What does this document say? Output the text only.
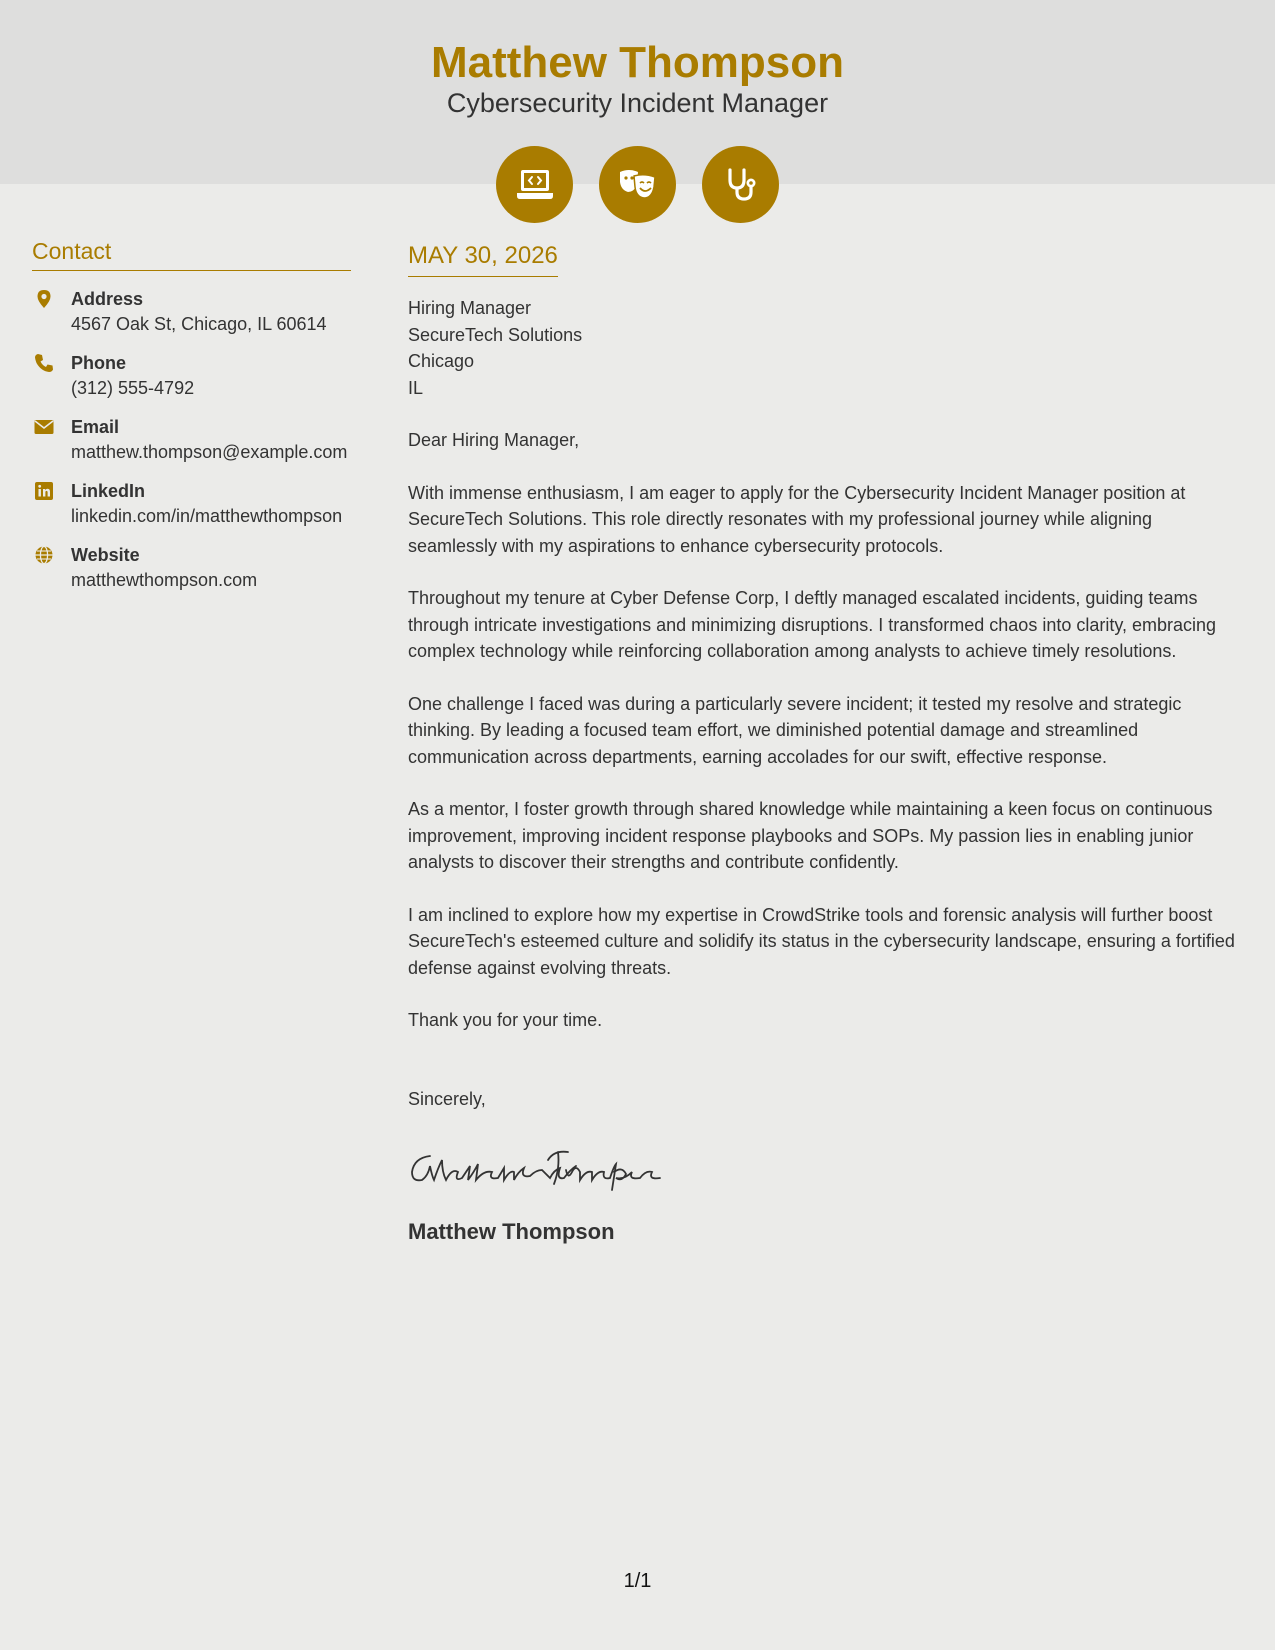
Matthew Thompson
Cybersecurity Incident Manager
Contact
Address
4567 Oak St, Chicago, IL 60614
Phone
(312) 555-4792
Email
matthew.thompson@example.com
LinkedIn
linkedin.com/in/matthewthompson
Website
matthewthompson.com
MAY 30, 2026
Hiring Manager
SecureTech Solutions
Chicago
IL

Dear Hiring Manager,

With immense enthusiasm, I am eager to apply for the Cybersecurity Incident Manager position at SecureTech Solutions. This role directly resonates with my professional journey while aligning seamlessly with my aspirations to enhance cybersecurity protocols.

Throughout my tenure at Cyber Defense Corp, I deftly managed escalated incidents, guiding teams through intricate investigations and minimizing disruptions. I transformed chaos into clarity, embracing complex technology while reinforcing collaboration among analysts to achieve timely resolutions.

One challenge I faced was during a particularly severe incident; it tested my resolve and strategic thinking. By leading a focused team effort, we diminished potential damage and streamlined communication across departments, earning accolades for our swift, effective response.

As a mentor, I foster growth through shared knowledge while maintaining a keen focus on continuous improvement, improving incident response playbooks and SOPs. My passion lies in enabling junior analysts to discover their strengths and contribute confidently.

I am inclined to explore how my expertise in CrowdStrike tools and forensic analysis will further boost SecureTech's esteemed culture and solidify its status in the cybersecurity landscape, ensuring a fortified defense against evolving threats.

Thank you for your time.

Sincerely,
Matthew Thompson
1/1
